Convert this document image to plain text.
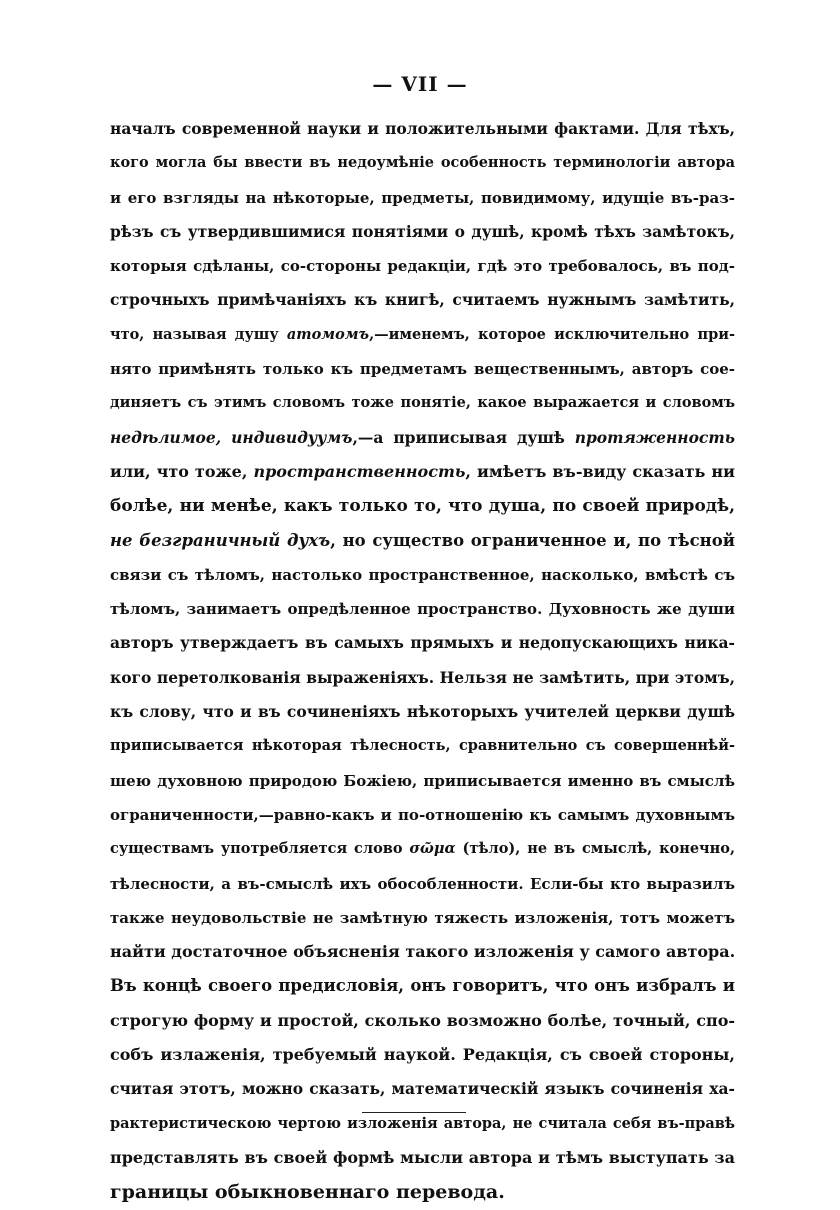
— VII —
началъ современной науки и положительными фактами. Для тѣхъ,
кого могла бы ввести въ недоумѣніе особенность терминологіи автора
и его взгляды на нѣкоторые, предметы, повидимому, идущіе въ-раз-
рѣзъ съ утвердившимися понятіями о душѣ, кромѣ тѣхъ замѣтокъ,
которыя сдѣланы, со-стороны редакціи, гдѣ это требовалось, въ под-
строчныхъ примѣчаніяхъ къ книгѣ, считаемъ нужнымъ замѣтить,
что, называя душу атомомъ,—именемъ, которое исключительно при-
нято примѣнять только къ предметамъ вещественнымъ, авторъ сое-
диняетъ съ этимъ словомъ тоже понятіе, какое выражается и словомъ
недѣлимое, индивидуумъ,—а приписывая душѣ протяженность
или, что тоже, пространственность, имѣетъ въ-виду сказать ни
болѣе, ни менѣе, какъ только то, что душа, по своей природѣ,
не безграничный духъ, но существо ограниченное и, по тѣсной
связи съ тѣломъ, настолько пространственное, насколько, вмѣстѣ съ
тѣломъ, занимаетъ опредѣленное пространство. Духовность же души
авторъ утверждаетъ въ самыхъ прямыхъ и недопускающихъ ника-
кого перетолкованія выраженіяхъ. Нельзя не замѣтить, при этомъ,
къ слову, что и въ сочиненіяхъ нѣкоторыхъ учителей церкви душѣ
приписывается нѣкоторая тѣлесность, сравнительно съ совершеннѣй-
шею духовною природою Божіею, приписывается именно въ смыслѣ
ограниченности,—равно-какъ и по-отношенію къ самымъ духовнымъ
существамъ употребляется слово σῶμα (тѣло), не въ смыслѣ, конечно,
тѣлесности, а въ-смыслѣ ихъ обособленности. Если-бы кто выразилъ
также неудовольствіе не замѣтную тяжесть изложенія, тотъ можетъ
найти достаточное объясненія такого изложенія у самого автора.
Въ концѣ своего предисловія, онъ говоритъ, что онъ избралъ и
строгую форму и простой, сколько возможно болѣе, точный, спо-
собъ излаженія, требуемый наукой. Редакція, съ своей стороны,
считая этотъ, можно сказать, математическій языкъ сочиненія ха-
рактеристическою чертою изложенія автора, не считала себя въ-правѣ
представлять въ своей формѣ мысли автора и тѣмъ выступать за
границы обыкновеннаго перевода.
